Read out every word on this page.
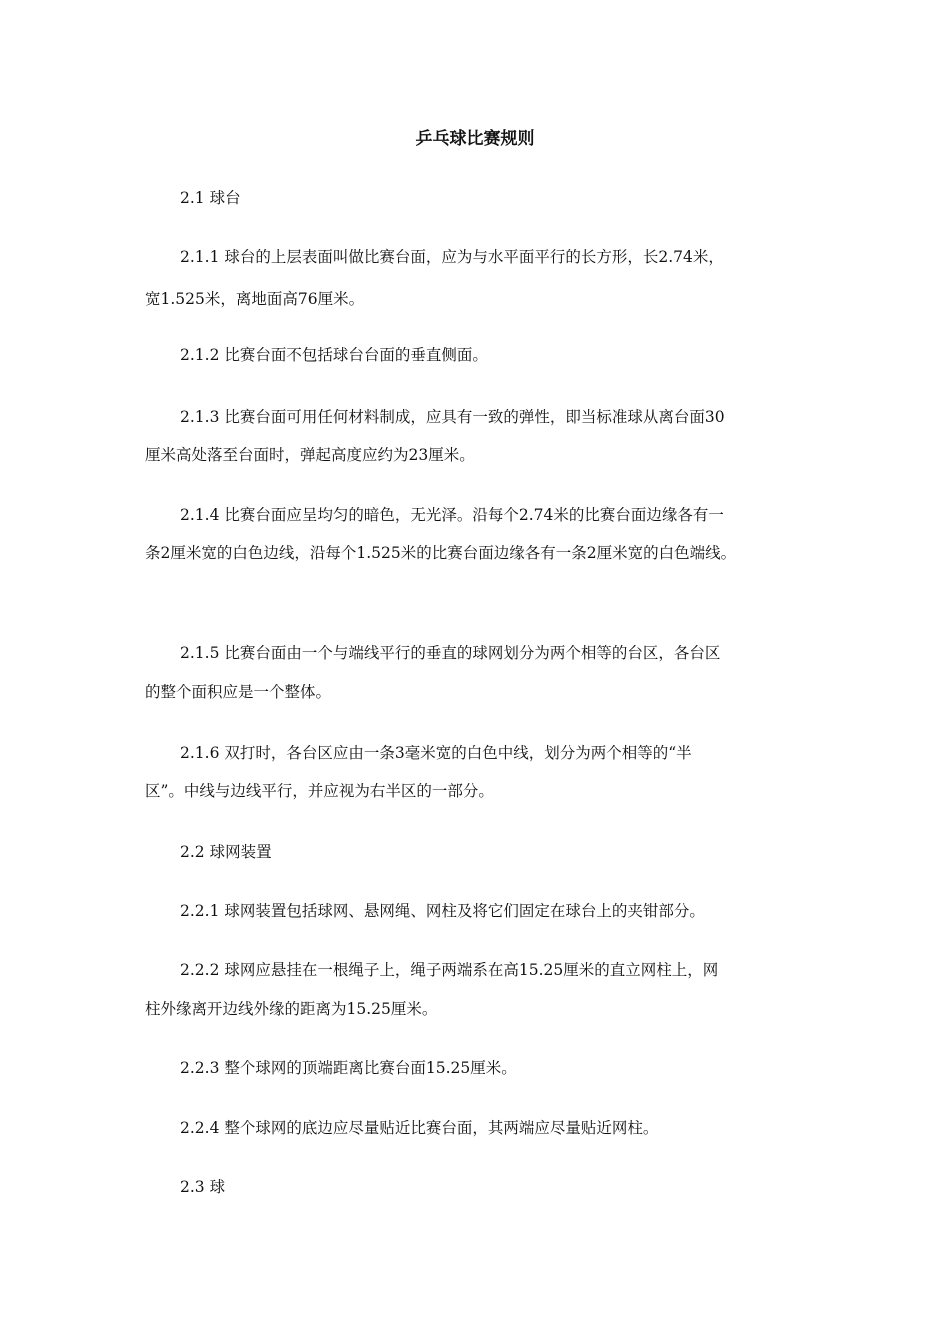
乒乓球比赛规则
2.1 球台
2.1.1 球台的上层表面叫做比赛台面，应为与水平面平行的长方形，长2.74米，
宽1.525米，离地面高76厘米。
2.1.2 比赛台面不包括球台台面的垂直侧面。
2.1.3 比赛台面可用任何材料制成，应具有一致的弹性，即当标准球从离台面30
厘米高处落至台面时，弹起高度应约为23厘米。
2.1.4 比赛台面应呈均匀的暗色，无光泽。沿每个2.74米的比赛台面边缘各有一
条2厘米宽的白色边线，沿每个1.525米的比赛台面边缘各有一条2厘米宽的白色端线。
2.1.5 比赛台面由一个与端线平行的垂直的球网划分为两个相等的台区，各台区
的整个面积应是一个整体。
2.1.6 双打时，各台区应由一条3毫米宽的白色中线，划分为两个相等的“半
区”。中线与边线平行，并应视为右半区的一部分。
2.2 球网装置
2.2.1 球网装置包括球网、悬网绳、网柱及将它们固定在球台上的夹钳部分。
2.2.2 球网应悬挂在一根绳子上，绳子两端系在高15.25厘米的直立网柱上，网
柱外缘离开边线外缘的距离为15.25厘米。
2.2.3 整个球网的顶端距离比赛台面15.25厘米。
2.2.4 整个球网的底边应尽量贴近比赛台面，其两端应尽量贴近网柱。
2.3 球
